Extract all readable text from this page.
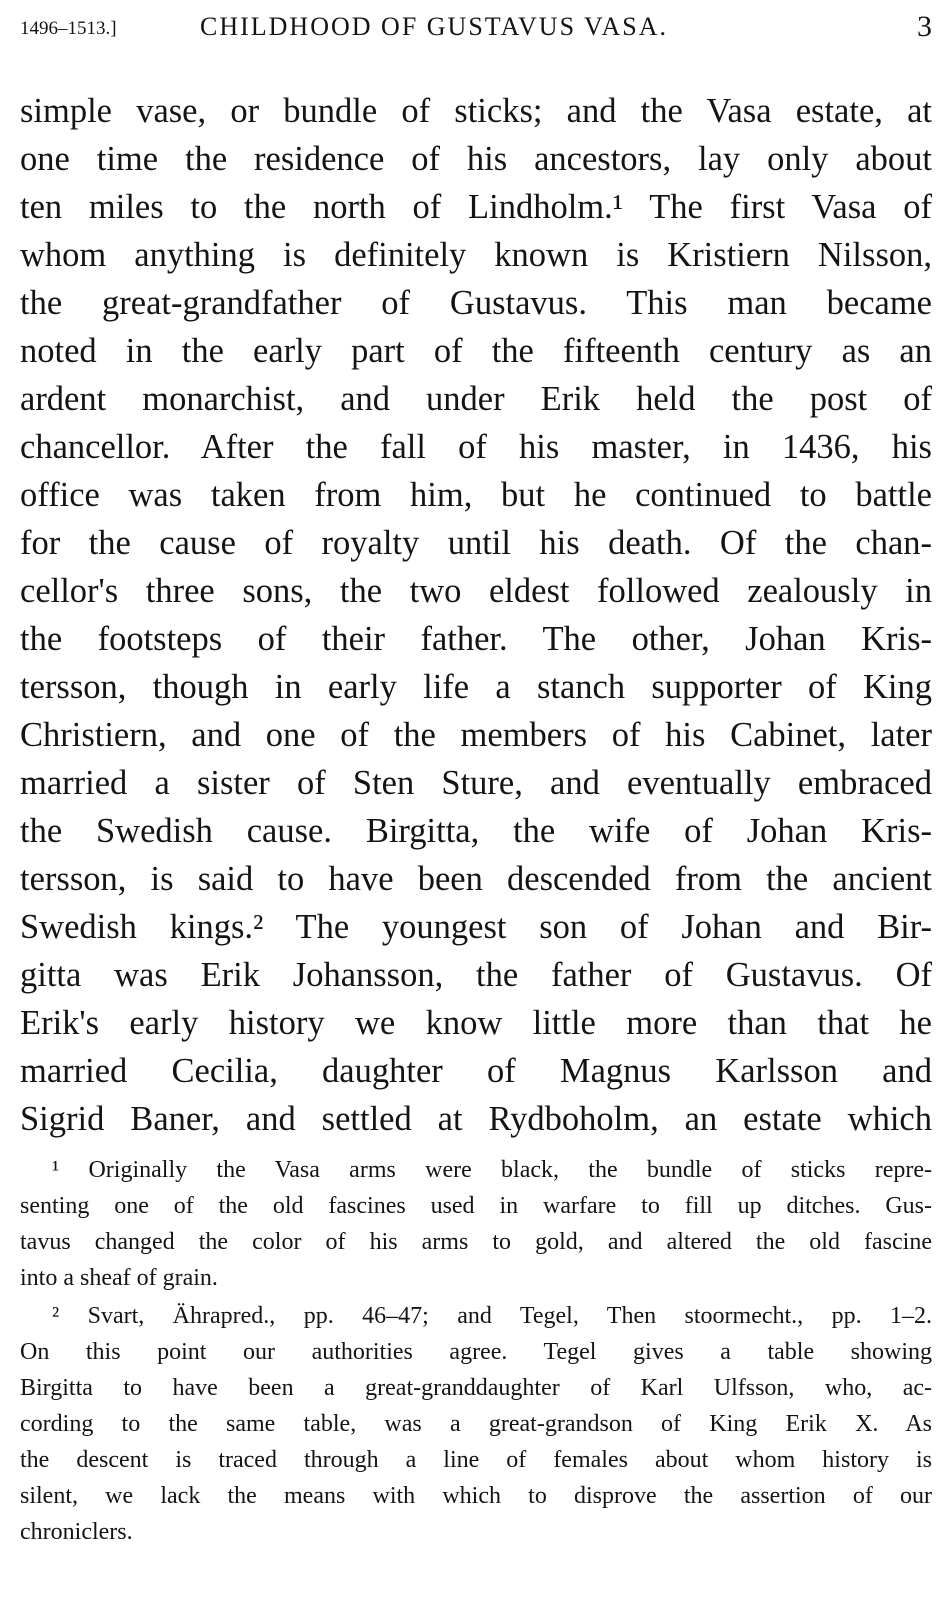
1496–1513.]	CHILDHOOD OF GUSTAVUS VASA.	3
simple vase, or bundle of sticks; and the Vasa estate, at
one time the residence of his ancestors, lay only about
ten miles to the north of Lindholm.¹ The first Vasa of
whom anything is definitely known is Kristiern Nilsson,
the great-grandfather of Gustavus. This man became
noted in the early part of the fifteenth century as an
ardent monarchist, and under Erik held the post of
chancellor. After the fall of his master, in 1436, his
office was taken from him, but he continued to battle
for the cause of royalty until his death. Of the chan-
cellor's three sons, the two eldest followed zealously in
the footsteps of their father. The other, Johan Kris-
tersson, though in early life a stanch supporter of King
Christiern, and one of the members of his Cabinet, later
married a sister of Sten Sture, and eventually embraced
the Swedish cause. Birgitta, the wife of Johan Kris-
tersson, is said to have been descended from the ancient
Swedish kings.² The youngest son of Johan and Bir-
gitta was Erik Johansson, the father of Gustavus. Of
Erik's early history we know little more than that he
married Cecilia, daughter of Magnus Karlsson and
Sigrid Baner, and settled at Rydboholm, an estate which
¹ Originally the Vasa arms were black, the bundle of sticks repre-
senting one of the old fascines used in warfare to fill up ditches. Gus-
tavus changed the color of his arms to gold, and altered the old fascine
into a sheaf of grain.
² Svart, Ährapred., pp. 46–47; and Tegel, Then stoormecht., pp. 1–2.
On this point our authorities agree. Tegel gives a table showing
Birgitta to have been a great-granddaughter of Karl Ulfsson, who, ac-
cording to the same table, was a great-grandson of King Erik X. As
the descent is traced through a line of females about whom history is
silent, we lack the means with which to disprove the assertion of our
chroniclers.
